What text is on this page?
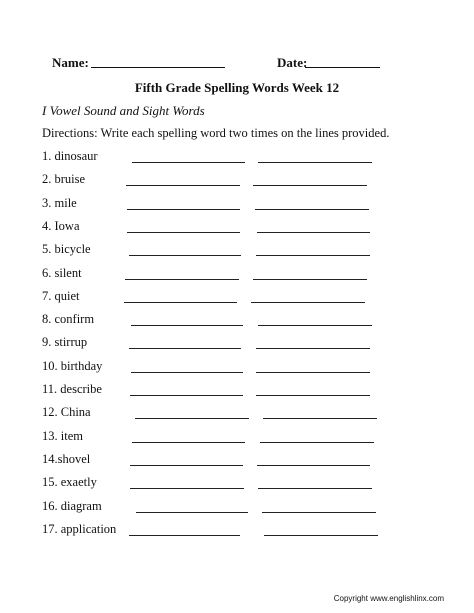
Name:	Date:
Fifth Grade Spelling Words Week 12
I Vowel Sound and Sight Words
Directions: Write each spelling word two times on the lines provided.
1. dinosaur
2. bruise
3. mile
4. Iowa
5. bicycle
6. silent
7. quiet
8. confirm
9. stirrup
10. birthday
11. describe
12. China
13. item
14.shovel
15. exaetly
16. diagram
17. application
Copyright www.englishlinx.com
